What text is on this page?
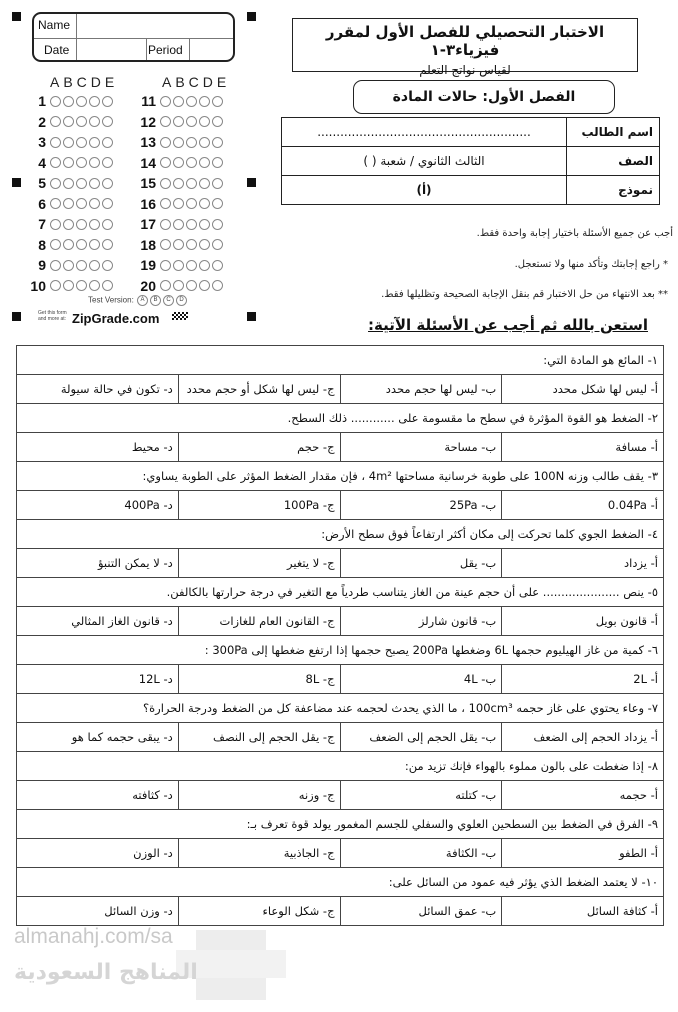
Name
Date	Period
ABCDE	ABCDE
1
2
3
4
5
6
7
8
9
10
11
12
13
14
15
16
17
18
19
20
Test Version: A B C D
Get this form and more at: ZipGrade.com
الاختبار التحصيلي للفصل الأول لمقرر فيزياء٣-١
لقياس نواتج التعلم
الفصل الأول: حالات المادة
اسم الطالب	........................................................
الصف	الثالث الثانوي / شعبة ( )
نموذج	(أ)
أجب عن جميع الأسئلة باختيار إجابة واحدة فقط.
* راجع إجابتك وتأكد منها ولا تستعجل.
** بعد الانتهاء من حل الاختبار قم بنقل الإجابة الصحيحة وتظليلها فقط.
استعن بالله ثم أجب عن الأسئلة الآتية:
١- المائع هو المادة التي:			
أ- ليس لها شكل محدد	ب- ليس لها حجم محدد	ج- ليس لها شكل أو حجم محدد	د- تكون في حالة سيولة
٢- الضغط هو القوة المؤثرة في سطح ما مقسومة على ............ ذلك السطح.			
أ- مسافة	ب- مساحة	ج- حجم	د- محيط
٣- يقف طالب وزنه 100N على طوبة خرسانية مساحتها 4m² ، فإن مقدار الضغط المؤثر على الطوبة يساوي:			
أ- 0.04Pa	ب- 25Pa	ج- 100Pa	د- 400Pa
٤- الضغط الجوي كلما تحركت إلى مكان أكثر ارتفاعاً فوق سطح الأرض:			
أ- يزداد	ب- يقل	ج- لا يتغير	د- لا يمكن التنبؤ
٥- ينص ..................... على أن حجم عينة من الغاز يتناسب طردياً مع التغير في درجة حرارتها بالكالفن.			
أ- قانون بويل	ب- قانون شارلز	ج- القانون العام للغازات	د- قانون الغاز المثالي
٦- كمية من غاز الهيليوم حجمها 6L وضغطها 200Pa يصبح حجمها إذا ارتفع ضغطها إلى 300Pa :			
أ- 2L	ب- 4L	ج- 8L	د- 12L
٧- وعاء يحتوي على غاز حجمه 100cm³ ، ما الذي يحدث لحجمه عند مضاعفة كل من الضغط ودرجة الحرارة؟			
أ- يزداد الحجم إلى الضعف	ب- يقل الحجم إلى الضعف	ج- يقل الحجم إلى النصف	د- يبقى حجمه كما هو
٨- إذا ضغطت على بالون مملوء بالهواء فإنك تزيد من:			
أ- حجمه	ب- كتلته	ج- وزنه	د- كثافته
٩- الفرق في الضغط بين السطحين العلوي والسفلي للجسم المغمور يولد قوة تعرف بـ:			
أ- الطفو	ب- الكثافة	ج- الجاذبية	د- الوزن
١٠- لا يعتمد الضغط الذي يؤثر فيه عمود من السائل على:			
أ- كثافة السائل	ب- عمق السائل	ج- شكل الوعاء	د- وزن السائل
almanahj.com/sa
المناهج السعودية
